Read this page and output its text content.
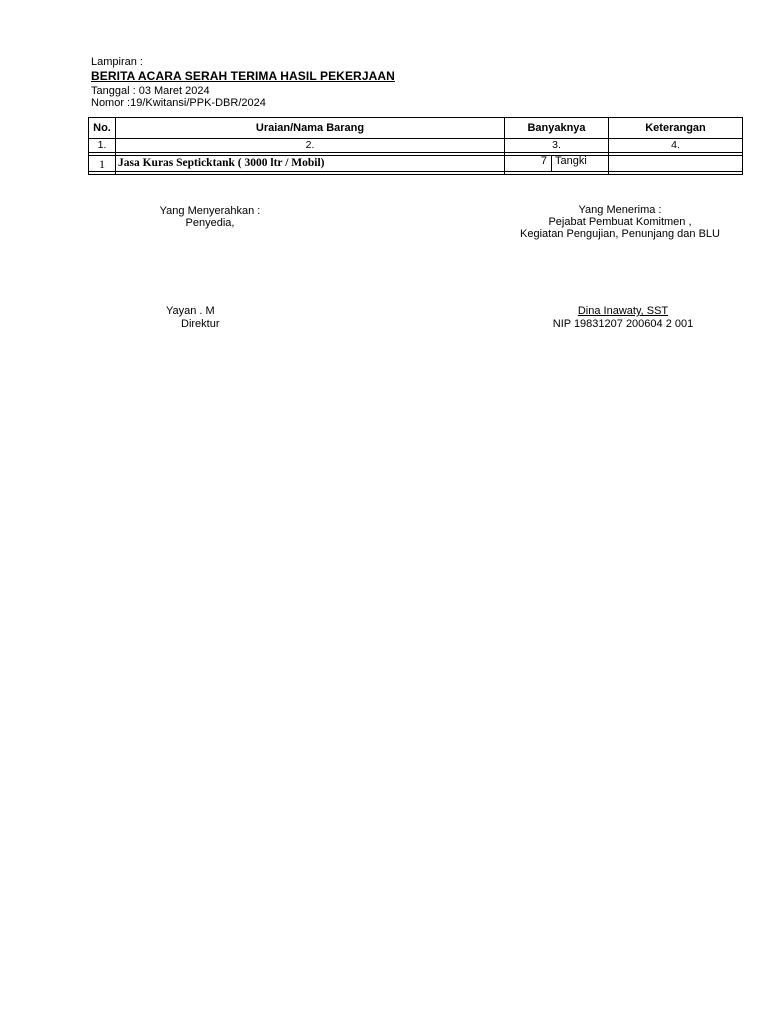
Lampiran :
BERITA ACARA SERAH TERIMA HASIL PEKERJAAN
Tanggal : 03 Maret 2024
Nomor :19/Kwitansi/PPK-DBR/2024
No.	Uraian/Nama Barang	Banyaknya	Keterangan
1.	2.	3.	4.

1	Jasa Kuras Septicktank ( 3000 ltr / Mobil)	7 Tangki	

Yang Menyerahkan :
Penyedia,
Yayan . M
Direktur
Yang Menerima :
Pejabat Pembuat Komitmen ,
Kegiatan Pengujian, Penunjang dan BLU
Dina Inawaty, SST
NIP 19831207 200604 2 001
